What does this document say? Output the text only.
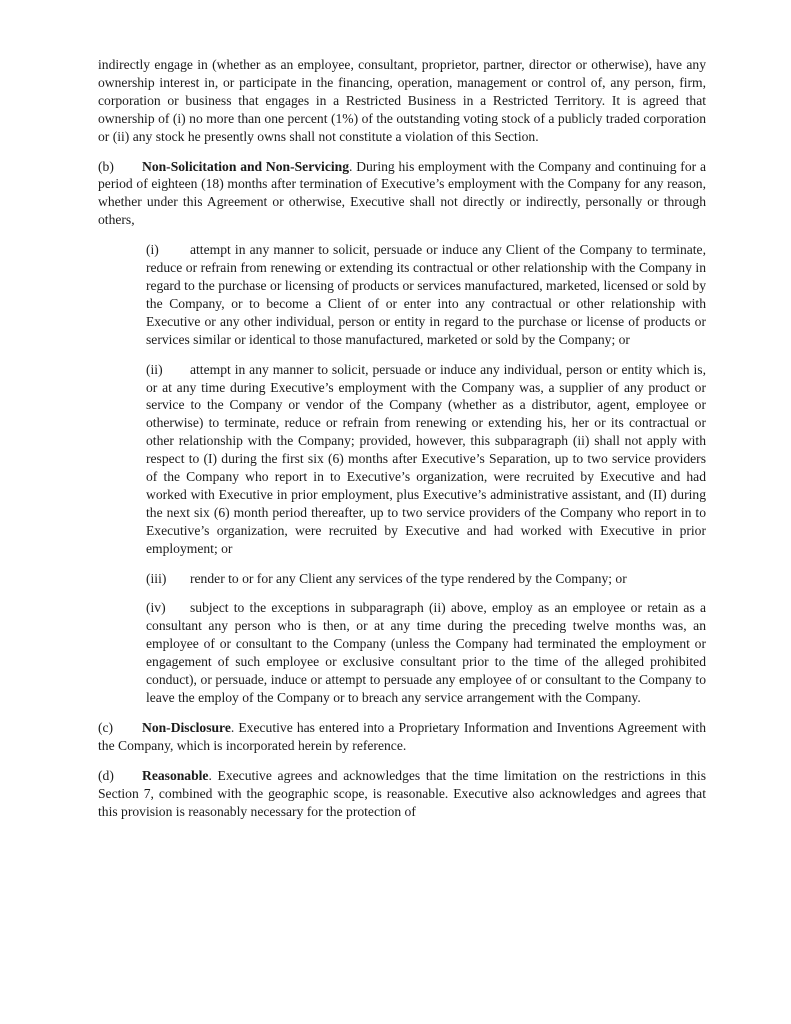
indirectly engage in (whether as an employee, consultant, proprietor, partner, director or otherwise), have any ownership interest in, or participate in the financing, operation, management or control of, any person, firm, corporation or business that engages in a Restricted Business in a Restricted Territory. It is agreed that ownership of (i) no more than one percent (1%) of the outstanding voting stock of a publicly traded corporation or (ii) any stock he presently owns shall not constitute a violation of this Section.

(b) Non-Solicitation and Non-Servicing. During his employment with the Company and continuing for a period of eighteen (18) months after termination of Executive’s employment with the Company for any reason, whether under this Agreement or otherwise, Executive shall not directly or indirectly, personally or through others,

(i) attempt in any manner to solicit, persuade or induce any Client of the Company to terminate, reduce or refrain from renewing or extending its contractual or other relationship with the Company in regard to the purchase or licensing of products or services manufactured, marketed, licensed or sold by the Company, or to become a Client of or enter into any contractual or other relationship with Executive or any other individual, person or entity in regard to the purchase or license of products or services similar or identical to those manufactured, marketed or sold by the Company; or

(ii) attempt in any manner to solicit, persuade or induce any individual, person or entity which is, or at any time during Executive’s employment with the Company was, a supplier of any product or service to the Company or vendor of the Company (whether as a distributor, agent, employee or otherwise) to terminate, reduce or refrain from renewing or extending his, her or its contractual or other relationship with the Company; provided, however, this subparagraph (ii) shall not apply with respect to (I) during the first six (6) months after Executive’s Separation, up to two service providers of the Company who report in to Executive’s organization, were recruited by Executive and had worked with Executive in prior employment, plus Executive’s administrative assistant, and (II) during the next six (6) month period thereafter, up to two service providers of the Company who report in to Executive’s organization, were recruited by Executive and had worked with Executive in prior employment; or

(iii) render to or for any Client any services of the type rendered by the Company; or

(iv) subject to the exceptions in subparagraph (ii) above, employ as an employee or retain as a consultant any person who is then, or at any time during the preceding twelve months was, an employee of or consultant to the Company (unless the Company had terminated the employment or engagement of such employee or exclusive consultant prior to the time of the alleged prohibited conduct), or persuade, induce or attempt to persuade any employee of or consultant to the Company to leave the employ of the Company or to breach any service arrangement with the Company.

(c) Non-Disclosure. Executive has entered into a Proprietary Information and Inventions Agreement with the Company, which is incorporated herein by reference.

(d) Reasonable. Executive agrees and acknowledges that the time limitation on the restrictions in this Section 7, combined with the geographic scope, is reasonable. Executive also acknowledges and agrees that this provision is reasonably necessary for the protection of
